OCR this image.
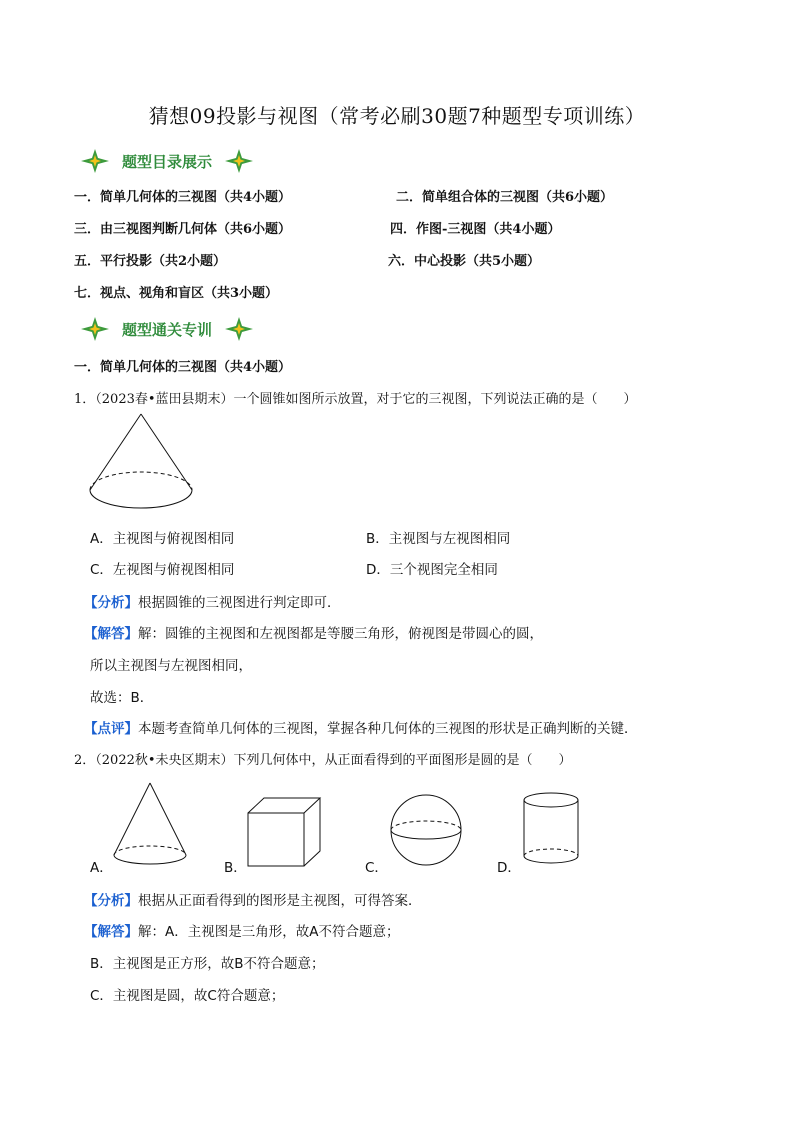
猜想09投影与视图（常考必刷30题7种题型专项训练）
题型目录展示
一．简单几何体的三视图（共4小题）	二．简单组合体的三视图（共6小题）
三．由三视图判断几何体（共6小题）	四．作图-三视图（共4小题）
五．平行投影（共2小题）	六．中心投影（共5小题）
七．视点、视角和盲区（共3小题）
题型通关专训
一．简单几何体的三视图（共4小题）
1．（2023春•蓝田县期末）一个圆锥如图所示放置，对于它的三视图，下列说法正确的是（　　）
A．主视图与俯视图相同	B．主视图与左视图相同
C．左视图与俯视图相同	D．三个视图完全相同
【分析】根据圆锥的三视图进行判定即可．
【解答】解：圆锥的主视图和左视图都是等腰三角形，俯视图是带圆心的圆，
所以主视图与左视图相同，
故选：B．
【点评】本题考查简单几何体的三视图，掌握各种几何体的三视图的形状是正确判断的关键．
2．（2022秋•未央区期末）下列几何体中，从正面看得到的平面图形是圆的是（　　）
A．	B．	C．	D．
【分析】根据从正面看得到的图形是主视图，可得答案．
【解答】解：A．主视图是三角形，故A不符合题意；
B．主视图是正方形，故B不符合题意；
C．主视图是圆，故C符合题意；
